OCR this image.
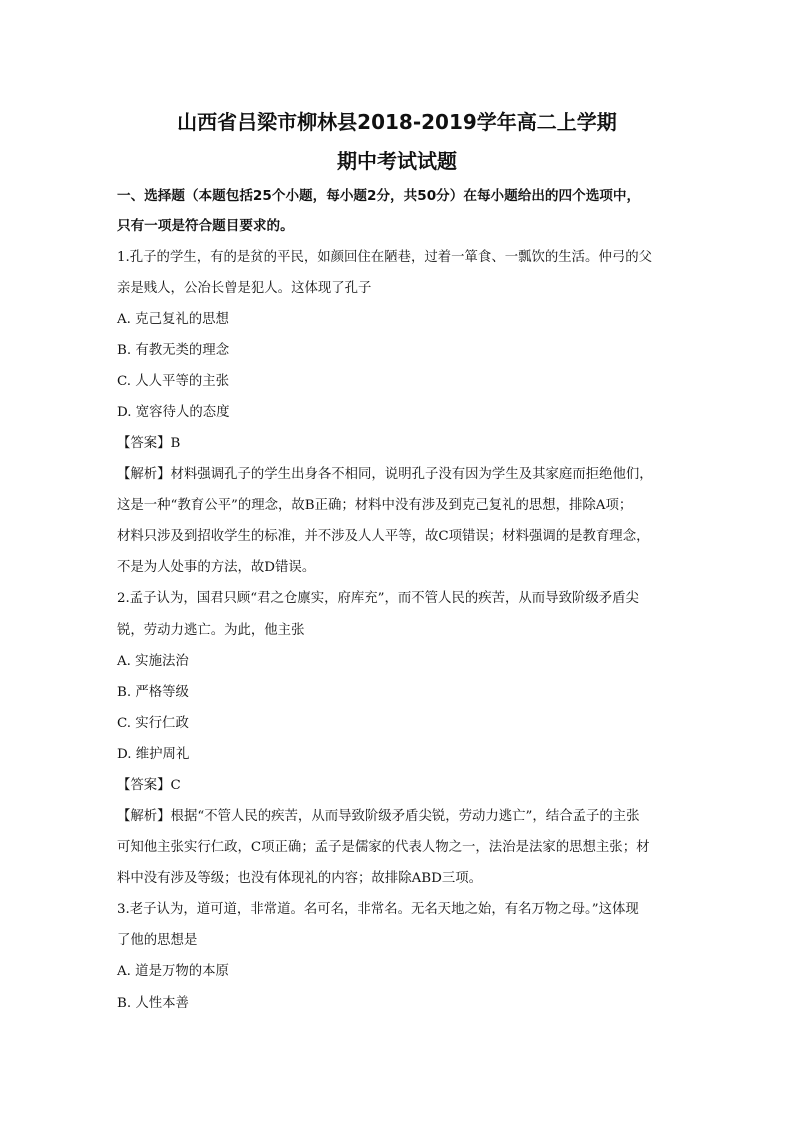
山西省吕梁市柳林县2018-2019学年高二上学期
期中考试试题
一、选择题（本题包括25个小题，每小题2分，共50分）在每小题给出的四个选项中，
只有一项是符合题目要求的。
1.孔子的学生，有的是贫的平民，如颜回住在陋巷，过着一箪食、一瓢饮的生活。仲弓的父
亲是贱人，公冶长曾是犯人。这体现了孔子
A. 克己复礼的思想
B. 有教无类的理念
C. 人人平等的主张
D. 宽容待人的态度
【答案】B
【解析】材料强调孔子的学生出身各不相同，说明孔子没有因为学生及其家庭而拒绝他们，
这是一种“教育公平”的理念，故B正确；材料中没有涉及到克己复礼的思想，排除A项；
材料只涉及到招收学生的标准，并不涉及人人平等，故C项错误；材料强调的是教育理念，
不是为人处事的方法，故D错误。
2.孟子认为，国君只顾“君之仓廪实，府库充”，而不管人民的疾苦，从而导致阶级矛盾尖
锐，劳动力逃亡。为此，他主张
A. 实施法治
B. 严格等级
C. 实行仁政
D. 维护周礼
【答案】C
【解析】根据“不管人民的疾苦，从而导致阶级矛盾尖锐，劳动力逃亡”，结合孟子的主张
可知他主张实行仁政，C项正确；孟子是儒家的代表人物之一，法治是法家的思想主张；材
料中没有涉及等级；也没有体现礼的内容；故排除ABD三项。
3.老子认为，道可道，非常道。名可名，非常名。无名天地之始，有名万物之母。”这体现
了他的思想是
A. 道是万物的本原
B. 人性本善
